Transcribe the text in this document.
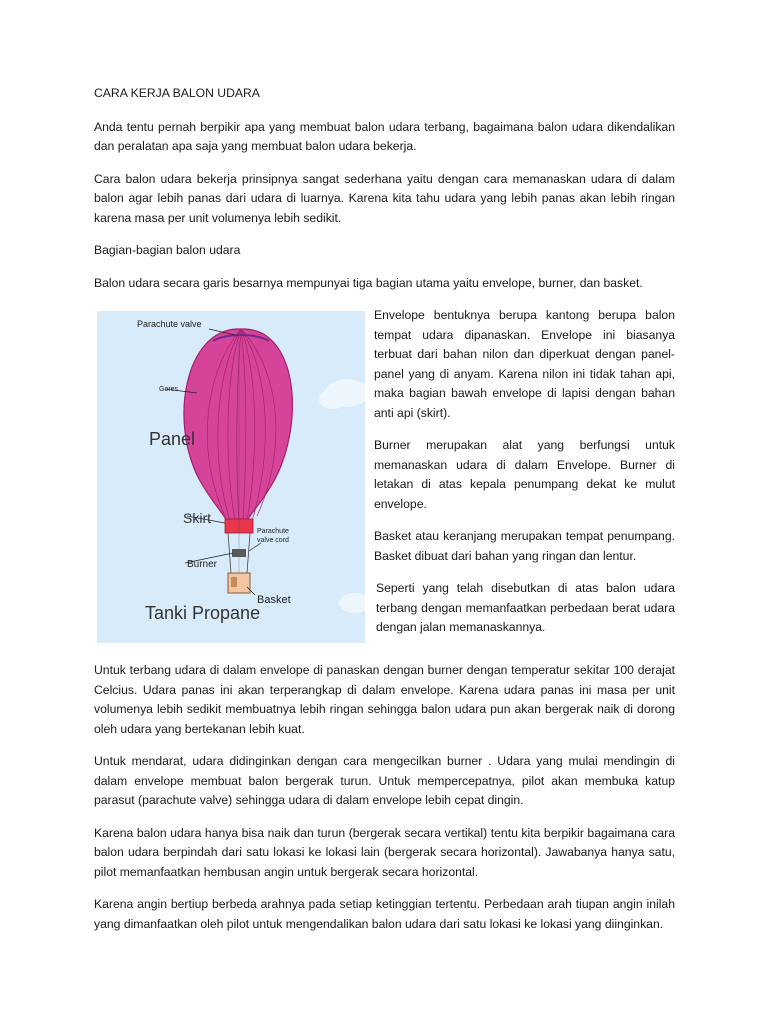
CARA KERJA BALON UDARA

Anda tentu pernah berpikir apa yang membuat balon udara terbang, bagaimana balon udara dikendalikan dan peralatan apa saja yang membuat balon udara bekerja.

Cara balon udara bekerja prinsipnya sangat sederhana yaitu dengan cara memanaskan udara di dalam balon agar lebih panas dari udara di luarnya. Karena kita tahu udara yang lebih panas akan lebih ringan karena masa per unit volumenya lebih sedikit.

Bagian-bagian balon udara

Balon udara secara garis besarnya mempunyai tiga bagian utama yaitu envelope, burner, dan basket.

Parachute valve
Gores
Panel
Skirt
Parachute
valve cord
Burner
Basket
Tanki Propane

Envelope bentuknya berupa kantong berupa balon tempat udara dipanaskan. Envelope ini biasanya terbuat dari bahan nilon dan diperkuat dengan panel-panel yang di anyam. Karena nilon ini tidak tahan api, maka bagian bawah envelope di lapisi dengan bahan anti api (skirt).

Burner merupakan alat yang berfungsi untuk memanaskan udara di dalam Envelope. Burner di letakan di atas kepala penumpang dekat ke mulut envelope.

Basket atau keranjang merupakan tempat penumpang. Basket dibuat dari bahan yang ringan dan lentur.

Seperti yang telah disebutkan di atas balon udara terbang dengan memanfaatkan perbedaan berat udara dengan jalan memanaskannya.

Untuk terbang udara di dalam envelope di panaskan dengan burner dengan temperatur sekitar 100 derajat Celcius. Udara panas ini akan terperangkap di dalam envelope. Karena udara panas ini masa per unit volumenya lebih sedikit membuatnya lebih ringan sehingga balon udara pun akan bergerak naik di dorong oleh udara yang bertekanan lebih kuat.

Untuk mendarat, udara didinginkan dengan cara mengecilkan burner . Udara yang mulai mendingin di dalam envelope membuat balon bergerak turun. Untuk mempercepatnya, pilot akan membuka katup parasut (parachute valve) sehingga udara di dalam envelope lebih cepat dingin.

Karena balon udara hanya bisa naik dan turun (bergerak secara vertikal) tentu kita berpikir bagaimana cara balon udara berpindah dari satu lokasi ke lokasi lain (bergerak secara horizontal). Jawabanya hanya satu, pilot memanfaatkan hembusan angin untuk bergerak secara horizontal.

Karena angin bertiup berbeda arahnya pada setiap ketinggian tertentu. Perbedaan arah tiupan angin inilah yang dimanfaatkan oleh pilot untuk mengendalikan balon udara dari satu lokasi ke lokasi yang diinginkan.
